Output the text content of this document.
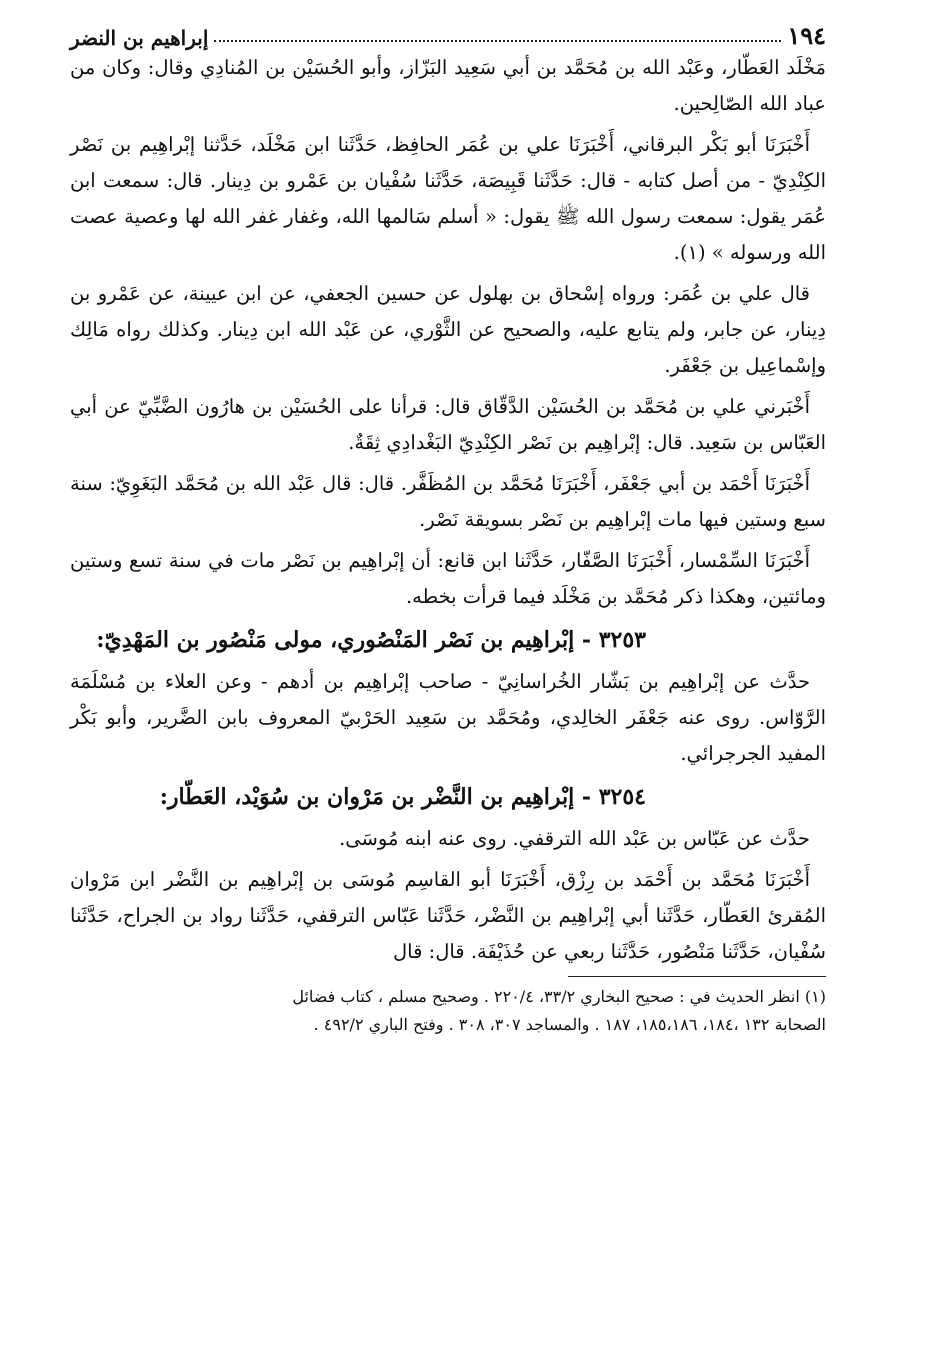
١٩٤
إبراهيم بن النضر

مَخْلَد العَطّار، وعَبْد الله بن مُحَمَّد بن أبي سَعِيد البَزّاز، وأبو الحُسَيْن بن المُنادِي وقال: وكان من عباد الله الصّالِحين.

أَخْبَرَنَا أبو بَكْر البرقاني، أَخْبَرَنَا علي بن عُمَر الحافِظ، حَدَّثَنا ابن مَخْلَد، حَدَّثنا إبْراهِيم بن نَصْر الكِنْدِيّ - من أصل كتابه - قال: حَدَّثَنا قَبِيصَة، حَدَّثَنا سُفْيان بن عَمْرو بن دِينار. قال: سمعت ابن عُمَر يقول: سمعت رسول الله ﷺ يقول: « أسلم سَالمها الله، وغفار غفر الله لها وعصية عصت الله ورسوله » (١).

قال علي بن عُمَر: ورواه إسْحاق بن بهلول عن حسين الجعفي، عن ابن عيينة، عن عَمْرو بن دِينار، عن جابر، ولم يتابع عليه، والصحيح عن الثَّوْري، عن عَبْد الله ابن دِينار. وكذلك رواه مَالِك وإسْماعِيل بن جَعْفَر.

أَخْبَرني علي بن مُحَمَّد بن الحُسَيْن الدَّقّاق قال: قرأنا على الحُسَيْن بن هارُون الضَّبِّيّ عن أبي العَبّاس بن سَعِيد. قال: إبْراهِيم بن نَصْر الكِنْدِيّ البَغْدادِي ثِقَةٌ.

أَخْبَرَنَا أَحْمَد بن أبي جَعْفَر، أَخْبَرَنَا مُحَمَّد بن المُظَفَّر. قال: قال عَبْد الله بن مُحَمَّد البَغَوِيّ: سنة سبع وستين فيها مات إبْراهِيم بن نَصْر بسويقة نَصْر.

أَخْبَرَنَا السِّمْسار، أَخْبَرَنَا الصَّفّار، حَدَّثَنا ابن قانع: أن إبْراهِيم بن نَصْر مات في سنة تسع وستين ومائتين، وهكذا ذكر مُحَمَّد بن مَخْلَد فيما قرأت بخطه.

٣٢٥٣ - إبْراهِيم بن نَصْر المَنْصُوري، مولى مَنْصُور بن المَهْدِيّ:

حدَّث عن إبْراهِيم بن بَشّار الخُراسانِيّ - صاحب إبْراهِيم بن أدهم - وعن العلاء بن مُسْلَمَة الرَّوّاس. روى عنه جَعْفَر الخالِدي، ومُحَمَّد بن سَعِيد الحَرْبيّ المعروف بابن الضَّرير، وأبو بَكْر المفيد الجرجرائي.

٣٢٥٤ - إبْراهِيم بن النَّضْر بن مَرْوان بن سُوَيْد، العَطّار:

حدَّث عن عَبّاس بن عَبْد الله الترقفي. روى عنه ابنه مُوسَى.

أَخْبَرَنَا مُحَمَّد بن أَحْمَد بن رِزْق، أَخْبَرَنَا أبو القاسِم مُوسَى بن إبْراهِيم بن النَّضْر ابن مَرْوان المُقرئ العَطّار، حَدَّثَنا أبي إبْراهِيم بن النَّضْر، حَدَّثَنا عَبّاس الترقفي، حَدَّثَنا رواد بن الجراح، حَدَّثَنا سُفْيان، حَدَّثَنا مَنْصُور، حَدَّثَنا ربعي عن حُذَيْفَة. قال: قال

(١) انظر الحديث في : صحيح البخاري ٣٣/٢، ٢٢٠/٤ . وصحيح مسلم ، كتاب فضائل
الصحابة ١٣٢ ،١٨٤، ١٨٥،١٨٦، ١٨٧ . والمساجد ٣٠٧، ٣٠٨ . وفتح الباري ٤٩٢/٢ .
